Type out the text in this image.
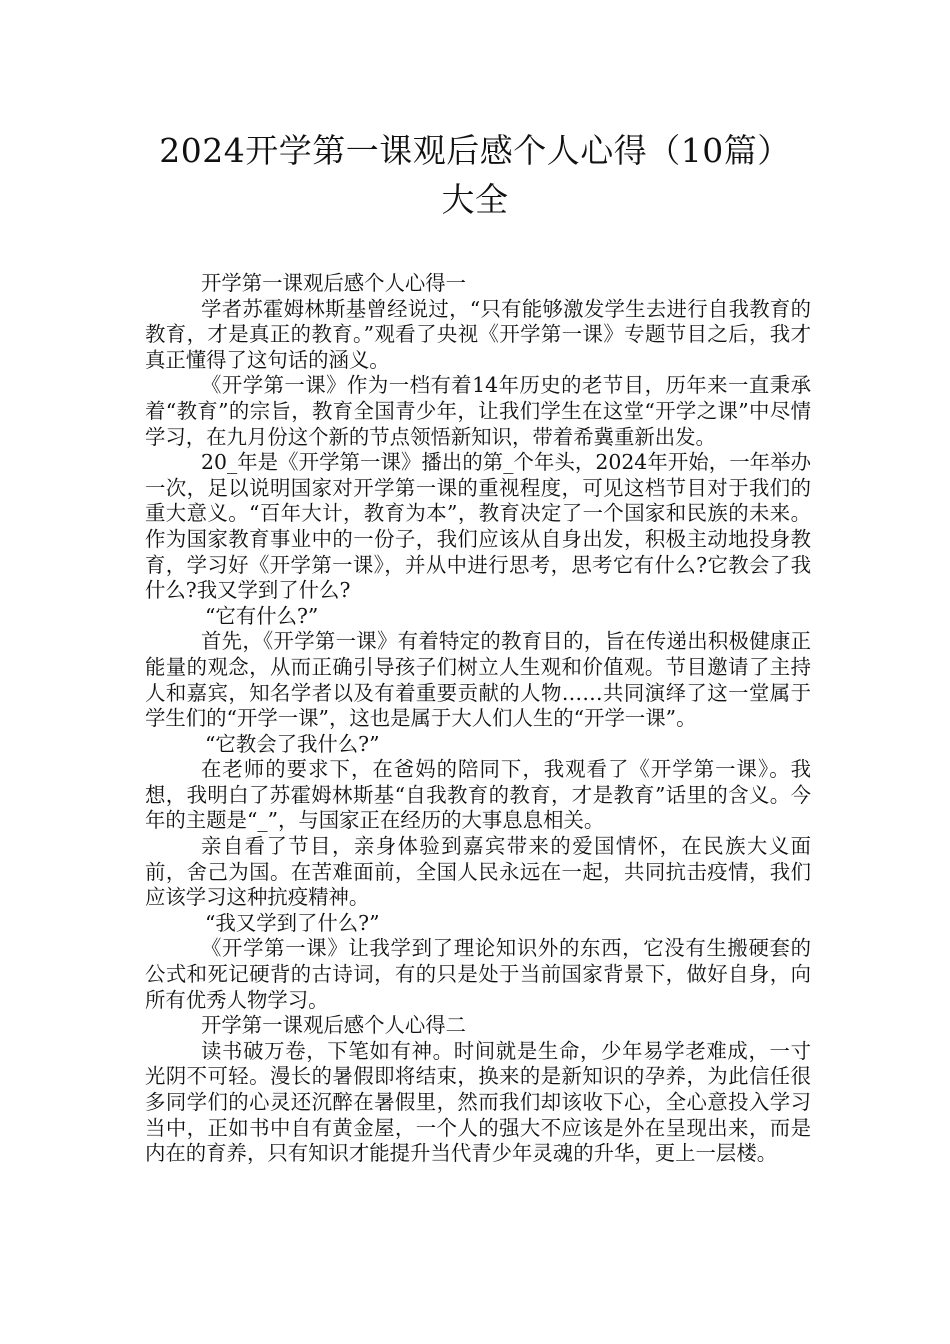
2024开学第一课观后感个人心得（10篇）
大全

开学第一课观后感个人心得一

学者苏霍姆林斯基曾经说过，“只有能够激发学生去进行自我教育的教育，才是真正的教育。”观看了央视《开学第一课》专题节目之后，我才真正懂得了这句话的涵义。

《开学第一课》作为一档有着14年历史的老节目，历年来一直秉承着“教育”的宗旨，教育全国青少年，让我们学生在这堂“开学之课”中尽情学习，在九月份这个新的节点领悟新知识，带着希冀重新出发。

20_年是《开学第一课》播出的第_个年头，2024年开始，一年举办一次，足以说明国家对开学第一课的重视程度，可见这档节目对于我们的重大意义。“百年大计，教育为本”，教育决定了一个国家和民族的未来。作为国家教育事业中的一份子，我们应该从自身出发，积极主动地投身教育，学习好《开学第一课》，并从中进行思考，思考它有什么?它教会了我什么?我又学到了什么?

“它有什么?”

首先，《开学第一课》有着特定的教育目的，旨在传递出积极健康正能量的观念，从而正确引导孩子们树立人生观和价值观。节目邀请了主持人和嘉宾，知名学者以及有着重要贡献的人物……共同演绎了这一堂属于学生们的“开学一课”，这也是属于大人们人生的“开学一课”。

“它教会了我什么?”

在老师的要求下，在爸妈的陪同下，我观看了《开学第一课》。我想，我明白了苏霍姆林斯基“自我教育的教育，才是教育”话里的含义。今年的主题是“_”，与国家正在经历的大事息息相关。

亲自看了节目，亲身体验到嘉宾带来的爱国情怀，在民族大义面前，舍己为国。在苦难面前，全国人民永远在一起，共同抗击疫情，我们应该学习这种抗疫精神。

“我又学到了什么?”

《开学第一课》让我学到了理论知识外的东西，它没有生搬硬套的公式和死记硬背的古诗词，有的只是处于当前国家背景下，做好自身，向所有优秀人物学习。

开学第一课观后感个人心得二

读书破万卷，下笔如有神。时间就是生命，少年易学老难成，一寸光阴不可轻。漫长的暑假即将结束，换来的是新知识的孕养，为此信任很多同学们的心灵还沉醉在暑假里，然而我们却该收下心，全心意投入学习当中，正如书中自有黄金屋，一个人的强大不应该是外在呈现出来，而是内在的育养，只有知识才能提升当代青少年灵魂的升华，更上一层楼。
